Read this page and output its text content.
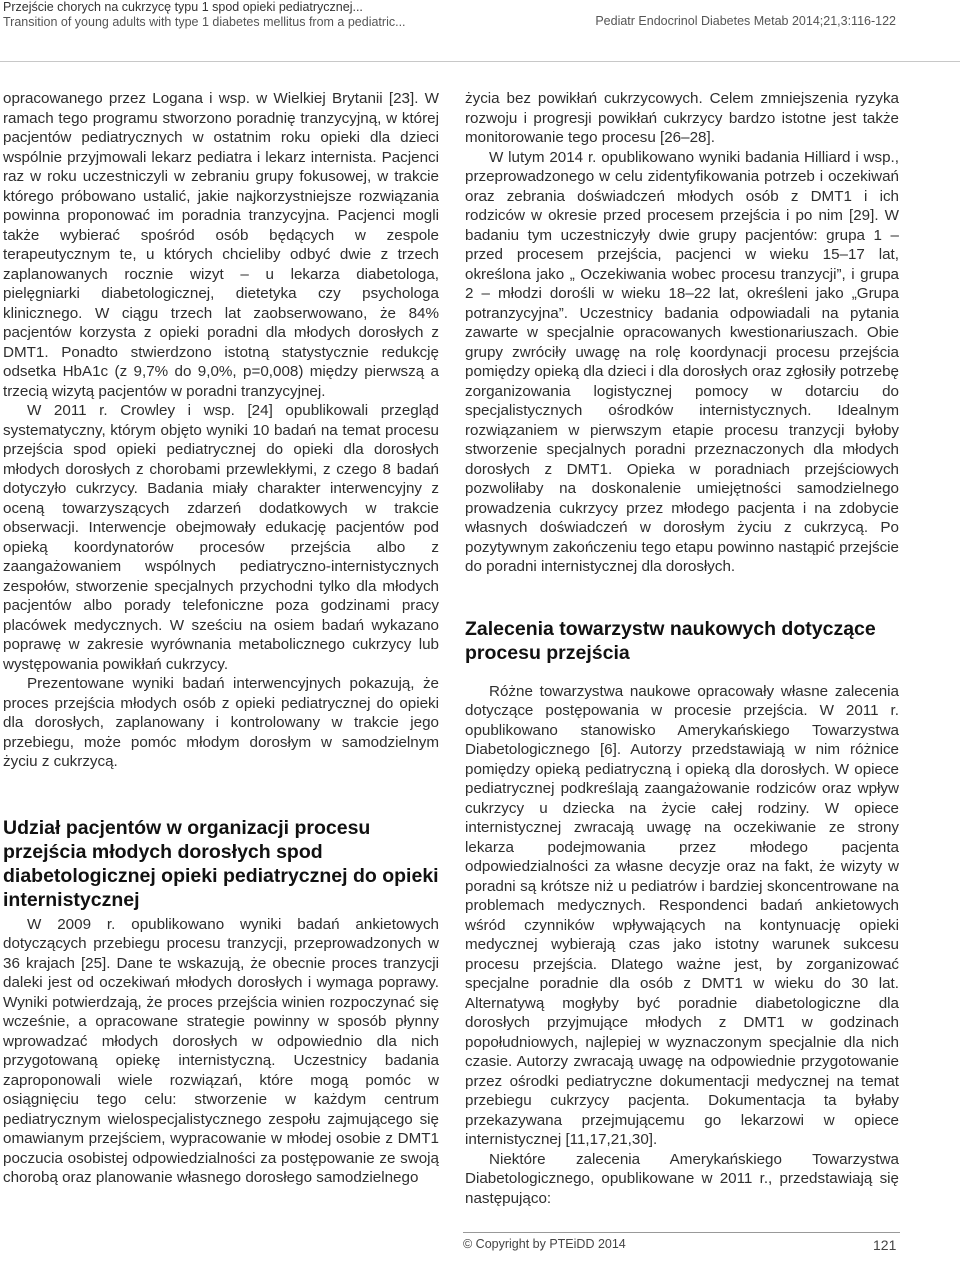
Przejście chorych na cukrzycę typu 1 spod opieki pediatrycznej...
Transition of young adults with type 1 diabetes mellitus from a pediatric...	Pediatr Endocrinol Diabetes Metab 2014;21,3:116-122

opracowanego przez Logana i wsp. w Wielkiej Brytanii [23]. W ramach tego programu stworzono poradnię tranzycyjną, w której pacjentów pediatrycznych w ostatnim roku opieki dla dzieci wspólnie przyjmowali lekarz pediatra i lekarz internista. Pacjenci raz w roku uczestniczyli w zebraniu grupy fokusowej, w trakcie którego próbowano ustalić, jakie najkorzystniejsze rozwiązania powinna proponować im poradnia tranzycyjna. Pacjenci mogli także wybierać spośród osób będących w zespole terapeutycznym te, u których chcieliby odbyć dwie z trzech zaplanowanych rocznie wizyt – u lekarza diabetologa, pielęgniarki diabetologicznej, dietetyka czy psychologa klinicznego. W ciągu trzech lat zaobserwowano, że 84% pacjentów korzysta z opieki poradni dla młodych dorosłych z DMT1. Ponadto stwierdzono istotną statystycznie redukcję odsetka HbA1c (z 9,7% do 9,0%, p=0,008) między pierwszą a trzecią wizytą pacjentów w poradni tranzycyjnej.

W 2011 r. Crowley i wsp. [24] opublikowali przegląd systematyczny, którym objęto wyniki 10 badań na temat procesu przejścia spod opieki pediatrycznej do opieki dla dorosłych młodych dorosłych z chorobami przewlekłymi, z czego 8 badań dotyczyło cukrzycy. Badania miały charakter interwencyjny z oceną towarzyszących zdarzeń dodatkowych w trakcie obserwacji. Interwencje obejmowały edukację pacjentów pod opieką koordynatorów procesów przejścia albo z zaangażowaniem wspólnych pediatryczno-internistycznych zespołów, stworzenie specjalnych przychodni tylko dla młodych pacjentów albo porady telefoniczne poza godzinami pracy placówek medycznych. W sześciu na osiem badań wykazano poprawę w zakresie wyrównania metabolicznego cukrzycy lub występowania powikłań cukrzycy.

Prezentowane wyniki badań interwencyjnych pokazują, że proces przejścia młodych osób z opieki pediatrycznej do opieki dla dorosłych, zaplanowany i kontrolowany w trakcie jego przebiegu, może pomóc młodym dorosłym w samodzielnym życiu z cukrzycą.

Udział pacjentów w organizacji procesu przejścia młodych dorosłych spod diabetologicznej opieki pediatrycznej do opieki internistycznej

W 2009 r. opublikowano wyniki badań ankietowych dotyczących przebiegu procesu tranzycji, przeprowadzonych w 36 krajach [25]. Dane te wskazują, że obecnie proces tranzycji daleki jest od oczekiwań młodych dorosłych i wymaga poprawy. Wyniki potwierdzają, że proces przejścia winien rozpoczynać się wcześnie, a opracowane strategie powinny w sposób płynny wprowadzać młodych dorosłych w odpowiednio dla nich przygotowaną opiekę internistyczną. Uczestnicy badania zaproponowali wiele rozwiązań, które mogą pomóc w osiągnięciu tego celu: stworzenie w każdym centrum pediatrycznym wielospecjalistycznego zespołu zajmującego się omawianym przejściem, wypracowanie w młodej osobie z DMT1 poczucia osobistej odpowiedzialności za postępowanie ze swoją chorobą oraz planowanie własnego dorosłego samodzielnego

życia bez powikłań cukrzycowych. Celem zmniejszenia ryzyka rozwoju i progresji powikłań cukrzycy bardzo istotne jest także monitorowanie tego procesu [26–28].

W lutym 2014 r. opublikowano wyniki badania Hilliard i wsp., przeprowadzonego w celu zidentyfikowania potrzeb i oczekiwań oraz zebrania doświadczeń młodych osób z DMT1 i ich rodziców w okresie przed procesem przejścia i po nim [29]. W badaniu tym uczestniczyły dwie grupy pacjentów: grupa 1 – przed procesem przejścia, pacjenci w wieku 15–17 lat, określona jako „ Oczekiwania wobec procesu tranzycji”, i grupa 2 – młodzi dorośli w wieku 18–22 lat, określeni jako „Grupa potranzycyjna”. Uczestnicy badania odpowiadali na pytania zawarte w specjalnie opracowanych kwestionariuszach. Obie grupy zwróciły uwagę na rolę koordynacji procesu przejścia pomiędzy opieką dla dzieci i dla dorosłych oraz zgłosiły potrzebę zorganizowania logistycznej pomocy w dotarciu do specjalistycznych ośrodków internistycznych. Idealnym rozwiązaniem w pierwszym etapie procesu tranzycji byłoby stworzenie specjalnych poradni przeznaczonych dla młodych dorosłych z DMT1. Opieka w poradniach przejściowych pozwoliłaby na doskonalenie umiejętności samodzielnego prowadzenia cukrzycy przez młodego pacjenta i na zdobycie własnych doświadczeń w dorosłym życiu z cukrzycą. Po pozytywnym zakończeniu tego etapu powinno nastąpić przejście do poradni internistycznej dla dorosłych.

Zalecenia towarzystw naukowych dotyczące procesu przejścia

Różne towarzystwa naukowe opracowały własne zalecenia dotyczące postępowania w procesie przejścia. W 2011 r. opublikowano stanowisko Amerykańskiego Towarzystwa Diabetologicznego [6]. Autorzy przedstawiają w nim różnice pomiędzy opieką pediatryczną i opieką dla dorosłych. W opiece pediatrycznej podkreślają zaangażowanie rodziców oraz wpływ cukrzycy u dziecka na życie całej rodziny. W opiece internistycznej zwracają uwagę na oczekiwanie ze strony lekarza podejmowania przez młodego pacjenta odpowiedzialności za własne decyzje oraz na fakt, że wizyty w poradni są krótsze niż u pediatrów i bardziej skoncentrowane na problemach medycznych. Respondenci badań ankietowych wśród czynników wpływających na kontynuację opieki medycznej wybierają czas jako istotny warunek sukcesu procesu przejścia. Dlatego ważne jest, by zorganizować specjalne poradnie dla osób z DMT1 w wieku do 30 lat. Alternatywą mogłyby być poradnie diabetologiczne dla dorosłych przyjmujące młodych z DMT1 w godzinach popołudniowych, najlepiej w wyznaczonym specjalnie dla nich czasie. Autorzy zwracają uwagę na odpowiednie przygotowanie przez ośrodki pediatryczne dokumentacji medycznej na temat przebiegu cukrzycy pacjenta. Dokumentacja ta byłaby przekazywana przejmującemu go lekarzowi w opiece internistycznej [11,17,21,30].

Niektóre zalecenia Amerykańskiego Towarzystwa Diabetologicznego, opublikowane w 2011 r., przedstawiają się następująco:

© Copyright by PTEiDD 2014	121
